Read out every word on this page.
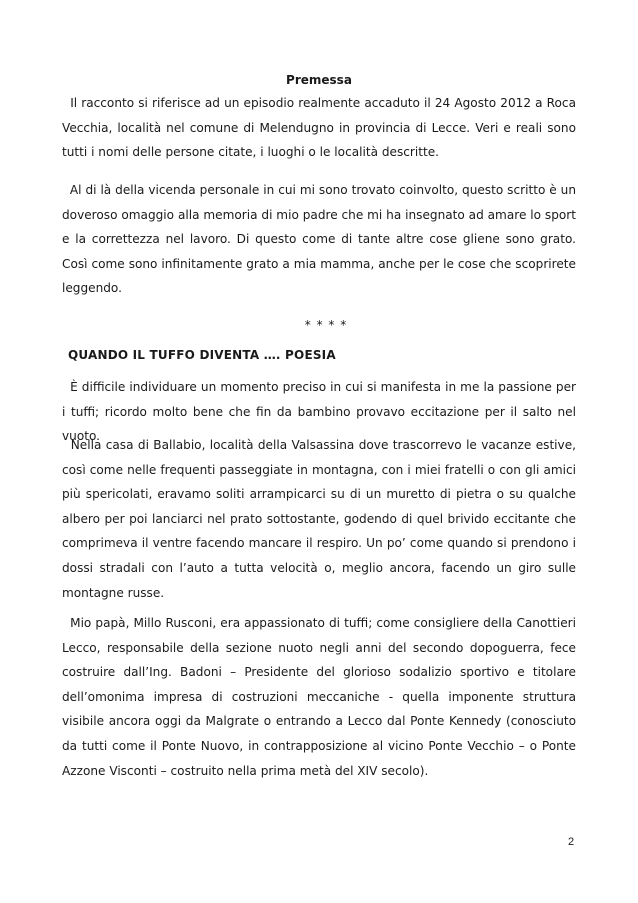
Premessa

Il racconto si riferisce ad un episodio realmente accaduto il 24 Agosto 2012 a Roca Vecchia, località nel comune di Melendugno in provincia di Lecce. Veri e reali sono tutti i nomi delle persone citate, i luoghi o le località descritte.

Al di là della vicenda personale in cui mi sono trovato coinvolto, questo scritto è un doveroso omaggio alla memoria di mio padre che mi ha insegnato ad amare lo sport e la correttezza nel lavoro. Di questo come di tante altre cose gliene sono grato. Così come sono infinitamente grato a mia mamma, anche per le cose che scoprirete leggendo.

* * * *
QUANDO IL TUFFO DIVENTA …. POESIA

È difficile individuare un momento preciso in cui si manifesta in me la passione per i tuffi; ricordo molto bene che fin da bambino provavo eccitazione per il salto nel vuoto.

Nella casa di Ballabio, località della Valsassina dove trascorrevo le vacanze estive, così come nelle frequenti passeggiate in montagna, con i miei fratelli o con gli amici più spericolati, eravamo soliti arrampicarci su di un muretto di pietra o su qualche albero per poi lanciarci nel prato sottostante, godendo di quel brivido eccitante che comprimeva il ventre facendo mancare il respiro. Un po’ come quando si prendono i dossi stradali con l’auto a tutta velocità o, meglio ancora, facendo un giro sulle montagne russe.

Mio papà, Millo Rusconi, era appassionato di tuffi; come consigliere della Canottieri Lecco, responsabile della sezione nuoto negli anni del secondo dopoguerra, fece costruire dall’Ing. Badoni – Presidente del glorioso sodalizio sportivo e titolare dell’omonima impresa di costruzioni meccaniche - quella imponente struttura visibile ancora oggi da Malgrate o entrando a Lecco dal Ponte Kennedy (conosciuto da tutti come il Ponte Nuovo, in contrapposizione al vicino Ponte Vecchio – o Ponte Azzone Visconti – costruito nella prima metà del XIV secolo).

2
